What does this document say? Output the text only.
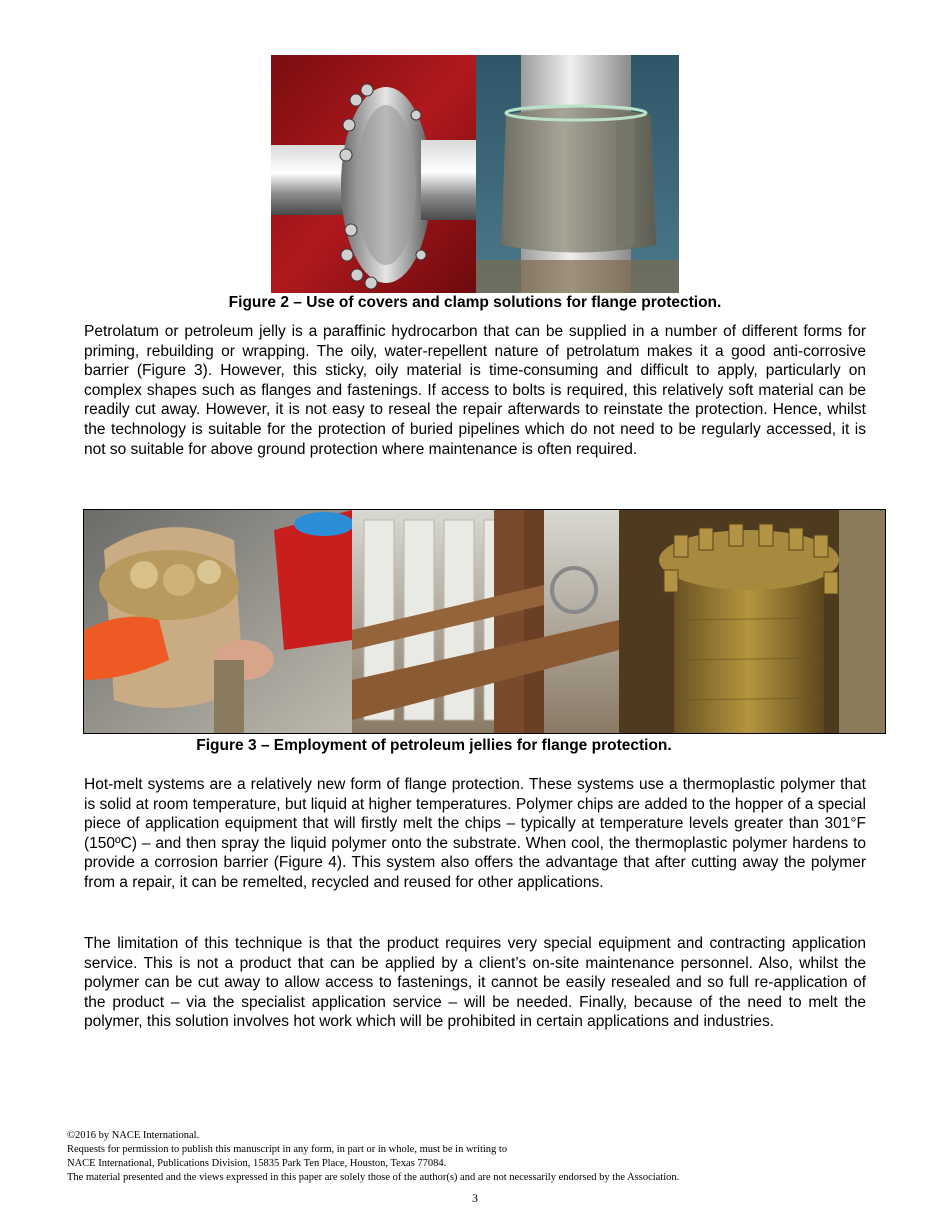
Figure 2 – Use of covers and clamp solutions for flange protection.

Petrolatum or petroleum jelly is a paraffinic hydrocarbon that can be supplied in a number of different forms for priming, rebuilding or wrapping. The oily, water-repellent nature of petrolatum makes it a good anti-corrosive barrier (Figure 3). However, this sticky, oily material is time-consuming and difficult to apply, particularly on complex shapes such as flanges and fastenings. If access to bolts is required, this relatively soft material can be readily cut away. However, it is not easy to reseal the repair afterwards to reinstate the protection. Hence, whilst the technology is suitable for the protection of buried pipelines which do not need to be regularly accessed, it is not so suitable for above ground protection where maintenance is often required.

Figure 3 – Employment of petroleum jellies for flange protection.

Hot-melt systems are a relatively new form of flange protection. These systems use a thermoplastic polymer that is solid at room temperature, but liquid at higher temperatures. Polymer chips are added to the hopper of a special piece of application equipment that will firstly melt the chips – typically at temperature levels greater than 301°F (150ºC) – and then spray the liquid polymer onto the substrate. When cool, the thermoplastic polymer hardens to provide a corrosion barrier (Figure 4). This system also offers the advantage that after cutting away the polymer from a repair, it can be remelted, recycled and reused for other applications.

The limitation of this technique is that the product requires very special equipment and contracting application service. This is not a product that can be applied by a client’s on-site maintenance personnel. Also, whilst the polymer can be cut away to allow access to fastenings, it cannot be easily resealed and so full re-application of the product – via the specialist application service – will be needed. Finally, because of the need to melt the polymer, this solution involves hot work which will be prohibited in certain applications and industries.

©2016 by NACE International.
Requests for permission to publish this manuscript in any form, in part or in whole, must be in writing to
NACE International, Publications Division, 15835 Park Ten Place, Houston, Texas 77084.
The material presented and the views expressed in this paper are solely those of the author(s) and are not necessarily endorsed by the Association.
3
